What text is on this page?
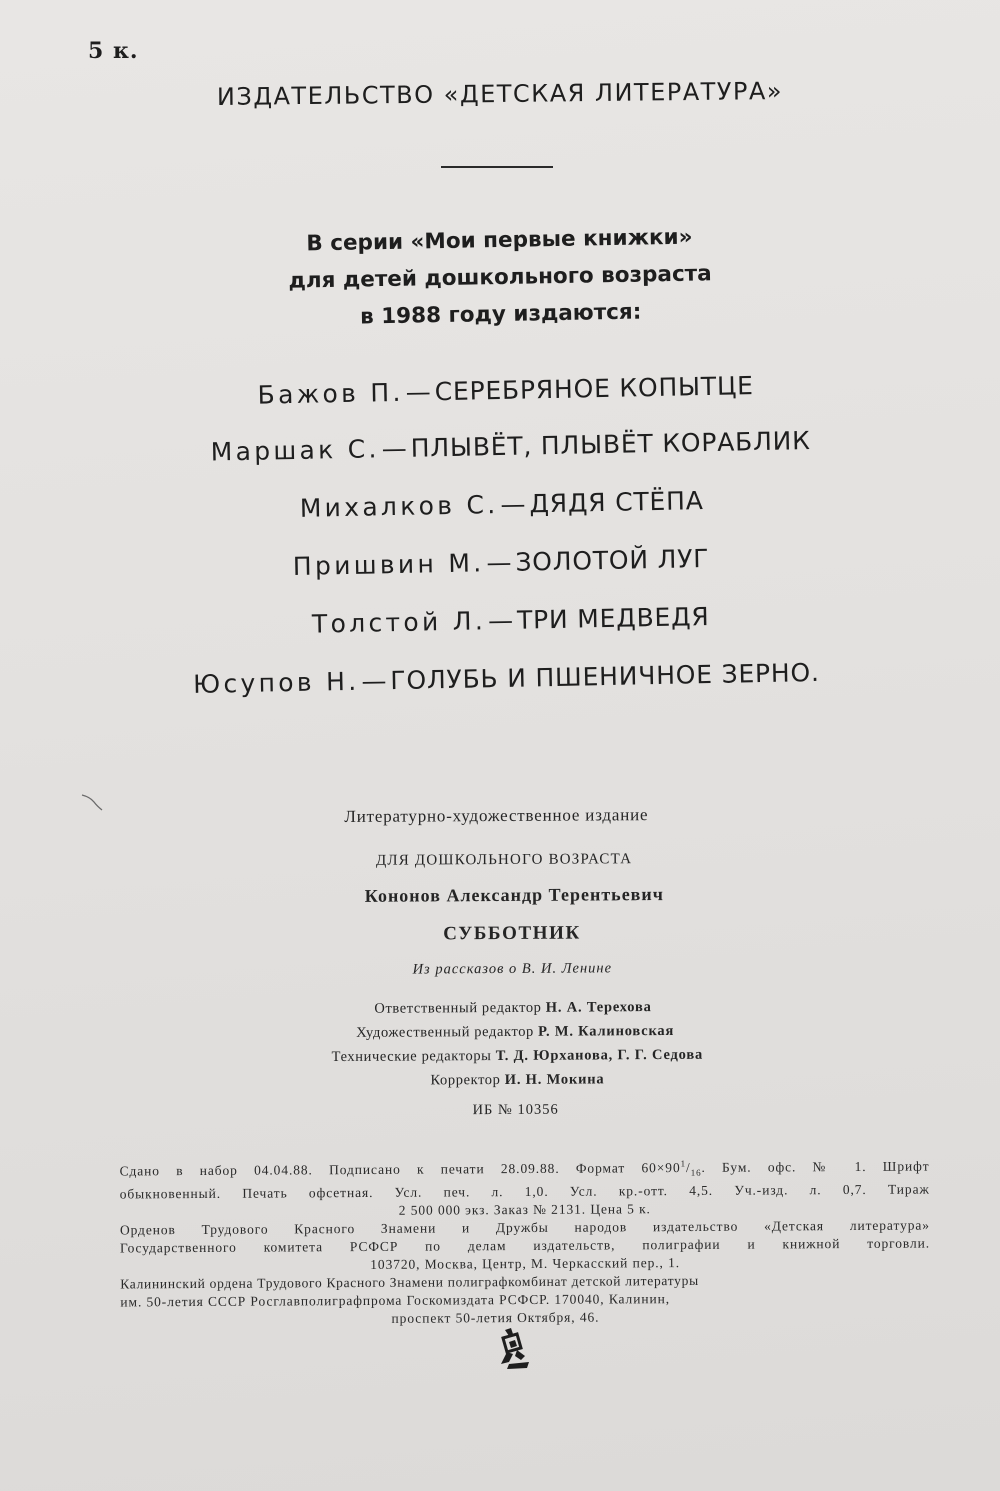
5 к.
ИЗДАТЕЛЬСТВО «ДЕТСКАЯ ЛИТЕРАТУРА»
В серии «Мои первые книжки»
для детей дошкольного возраста
в 1988 году издаются:
Бажов П.— СЕРЕБРЯНОЕ КОПЫТЦЕ
Маршак С.— ПЛЫВЁТ, ПЛЫВЁТ КОРАБЛИК
Михалков С.— ДЯДЯ СТЁПА
Пришвин М.— ЗОЛОТОЙ ЛУГ
Толстой Л.— ТРИ МЕДВЕДЯ
Юсупов Н.— ГОЛУБЬ И ПШЕНИЧНОЕ ЗЕРНО.
Литературно-художественное издание
ДЛЯ ДОШКОЛЬНОГО ВОЗРАСТА
Кононов Александр Терентьевич
СУББОТНИК
Из рассказов о В. И. Ленине
Ответственный редактор Н. А. Терехова
Художественный редактор Р. М. Калиновская
Технические редакторы Т. Д. Юрханова, Г. Г. Седова
Корректор И. Н. Мокина
ИБ № 10356
Сдано в набор 04.04.88. Подписано к печати 28.09.88. Формат $60\times 90^1/_{16}$. Бум. офс. № 1. Шрифт
обыкновенный. Печать офсетная. Усл. печ. л. 1,0. Усл. кр.-отт. 4,5. Уч.-изд. л. 0,7. Тираж
2 500 000 экз. Заказ № 2131. Цена 5 к.
Орденов Трудового Красного Знамени и Дружбы народов издательство «Детская литература»
Государственного комитета РСФСР по делам издательств, полиграфии и книжной торговли.
103720, Москва, Центр, М. Черкасский пер., 1.
Калининский ордена Трудового Красного Знамени полиграфкомбинат детской литературы
им. 50-летия СССР Росглавполиграфпрома Госкомиздата РСФСР. 170040, Калинин,
проспект 50-летия Октября, 46.
